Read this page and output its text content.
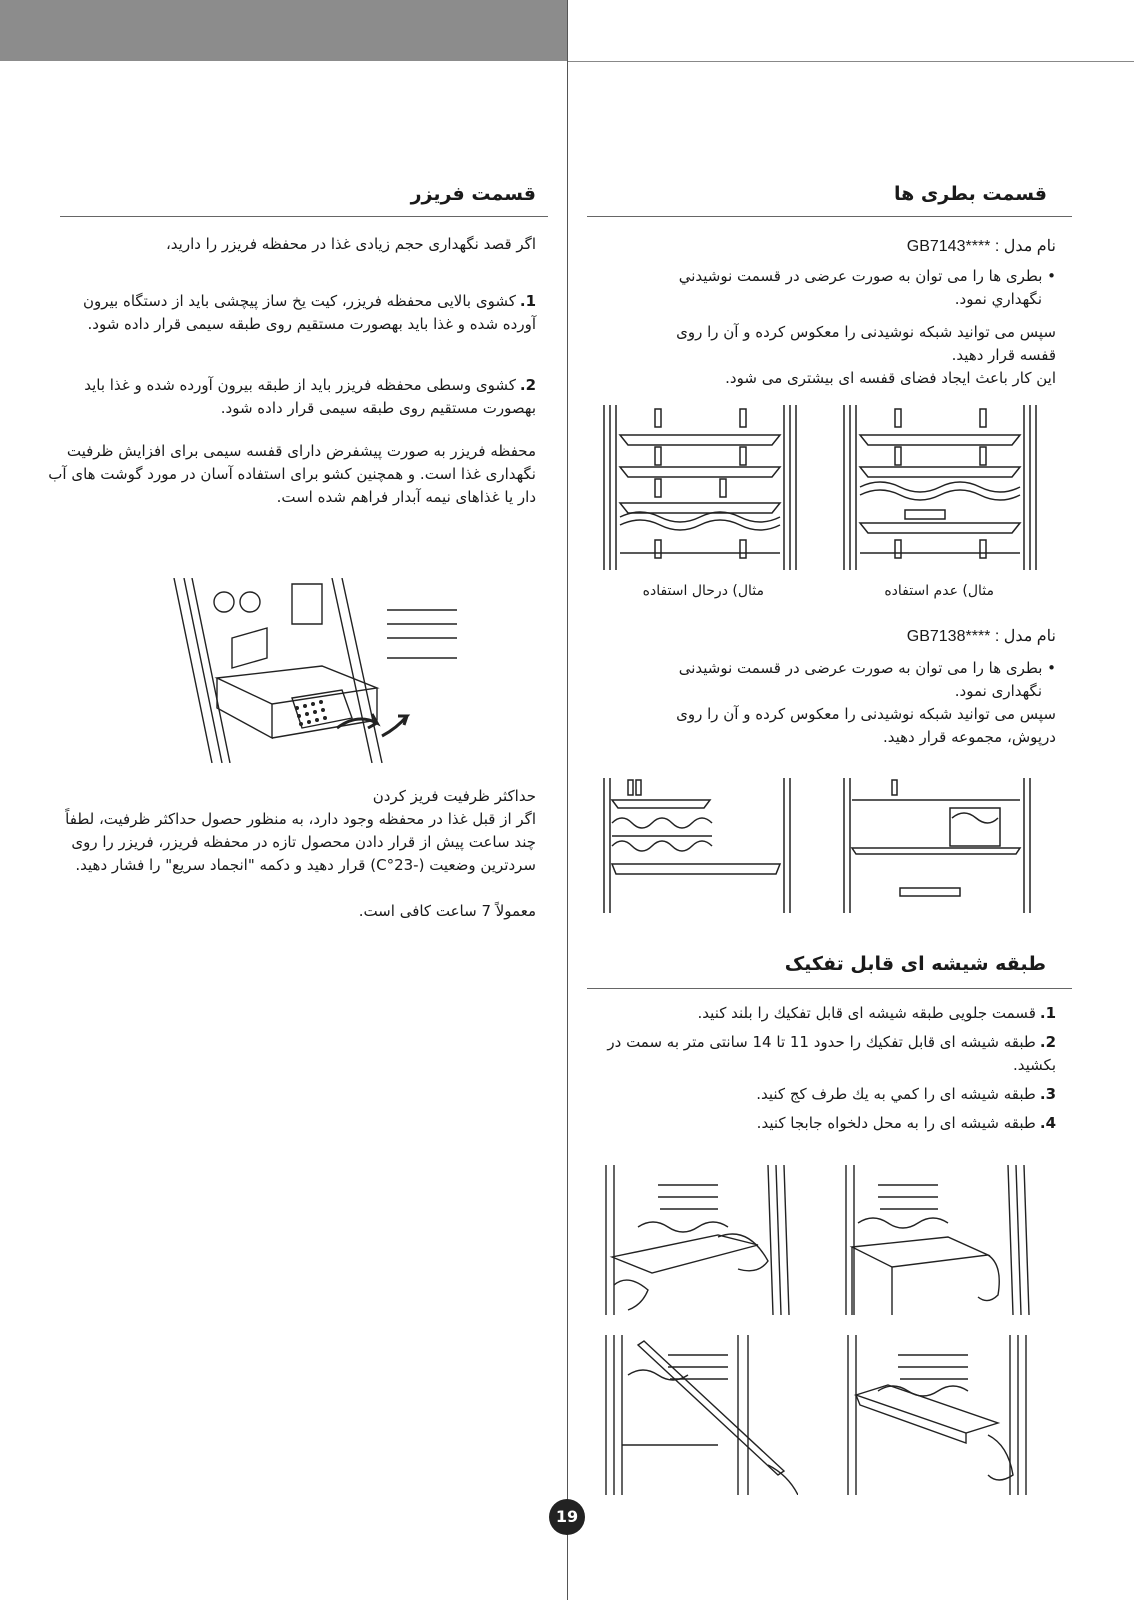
کارکرد
قسمت بطری ها
نام مدل : ****GB7143
• بطری ها را می توان به صورت عرضی در قسمت نوشیدني
نگهداري نمود.
سپس می توانید شبکه نوشیدنی را معکوس کرده و آن را روی
قفسه قرار دهید.
این کار باعث ایجاد فضای قفسه ای بیشتری می شود.
مثال) عدم استفاده
مثال) درحال استفاده
نام مدل : ****GB7138
• بطری ها را می توان به صورت عرضی در قسمت نوشیدنی
نگهداری نمود.
سپس می توانید شبکه نوشیدنی را معکوس کرده و آن را روی
درپوش، مجموعه قرار دهید.
طبقه شیشه ای قابل تفکیک
1.قسمت جلویی طبقه شیشه ای قابل تفکیك را بلند کنید.
2.طبقه شیشه ای قابل تفکیك را حدود 11 تا 14 سانتی متر به سمت در بکشید.
3.طبقه شیشه ای را کمي به يك طرف کج کنید.
4.طبقه شیشه ای را به محل دلخواه جابجا کنید.
قسمت فریزر

اگر قصد نگهداری حجم زیادی غذا در محفظه فریزر را دارید،

1.کشوی بالایی محفظه فریزر، کیت یخ ساز پیچشی باید از دستگاه بیرون آورده شده و غذا باید بهصورت مستقیم روی طبقه سیمی قرار داده شود.
2.کشوی وسطی محفظه فریزر باید از طبقه بیرون آورده شده و غذا باید بهصورت مستقیم روی طبقه سیمی قرار داده شود.

محفظه فریزر به صورت پیشفرض دارای قفسه سیمی برای افزایش ظرفیت نگهداری غذا است. و همچنین کشو برای استفاده آسان در مورد گوشت های آب دار یا غذاهای نیمه آبدار فراهم شده است.

حداکثر ظرفیت فریز کردن

اگر از قبل غذا در محفظه وجود دارد، به منظور حصول حداکثر ظرفیت، لطفاً چند ساعت پیش از قرار دادن محصول تازه در محفظه فریزر، فریزر را روی سردترین وضعیت (-23°C) قرار دهید و دکمه "انجماد سریع" را فشار دهید.

معمولاً 7 ساعت کافی است.
19
